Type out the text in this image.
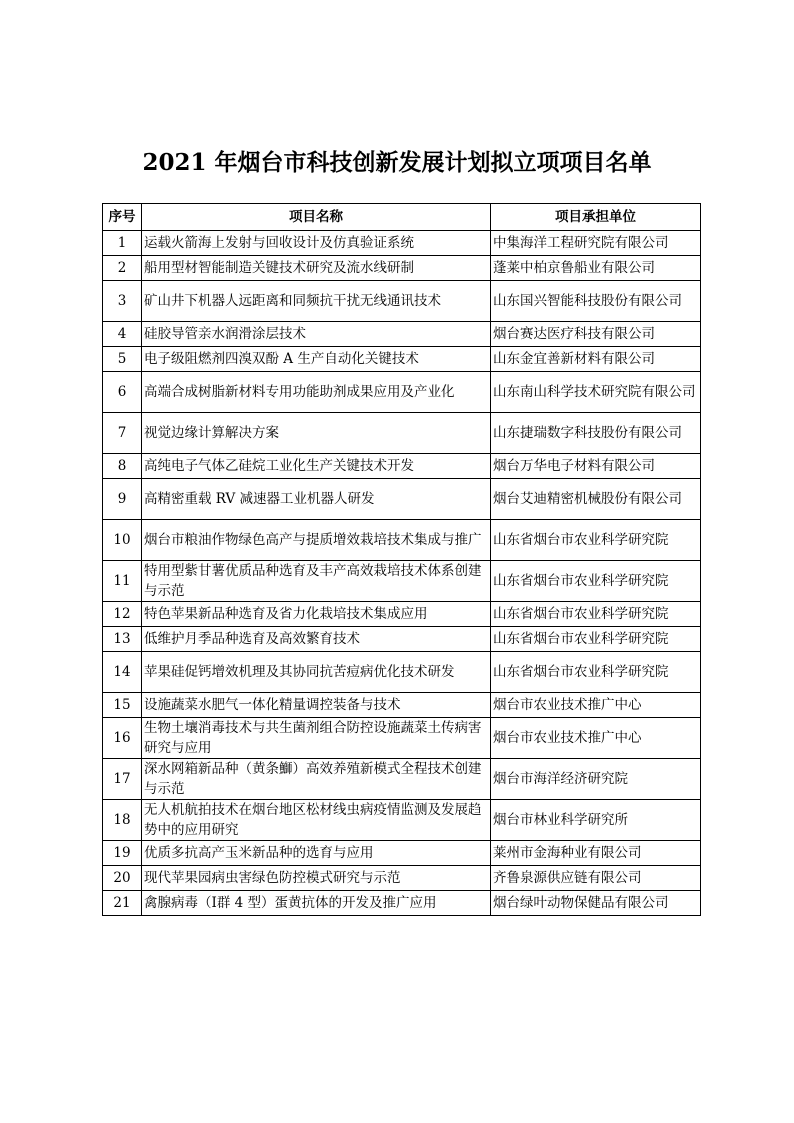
2021 年烟台市科技创新发展计划拟立项项目名单
序号	项目名称	项目承担单位
1	运载火箭海上发射与回收设计及仿真验证系统	中集海洋工程研究院有限公司
2	船用型材智能制造关键技术研究及流水线研制	蓬莱中柏京鲁船业有限公司
3	矿山井下机器人远距离和同频抗干扰无线通讯技术	山东国兴智能科技股份有限公司
4	硅胶导管亲水润滑涂层技术	烟台赛达医疗科技有限公司
5	电子级阻燃剂四溴双酚 A 生产自动化关键技术	山东金宜善新材料有限公司
6	高端合成树脂新材料专用功能助剂成果应用及产业化	山东南山科学技术研究院有限公司
7	视觉边缘计算解决方案	山东捷瑞数字科技股份有限公司
8	高纯电子气体乙硅烷工业化生产关键技术开发	烟台万华电子材料有限公司
9	高精密重载 RV 减速器工业机器人研发	烟台艾迪精密机械股份有限公司
10	烟台市粮油作物绿色高产与提质增效栽培技术集成与推广	山东省烟台市农业科学研究院
11	特用型紫甘薯优质品种选育及丰产高效栽培技术体系创建与示范	山东省烟台市农业科学研究院
12	特色苹果新品种选育及省力化栽培技术集成应用	山东省烟台市农业科学研究院
13	低维护月季品种选育及高效繁育技术	山东省烟台市农业科学研究院
14	苹果硅促钙增效机理及其协同抗苦痘病优化技术研发	山东省烟台市农业科学研究院
15	设施蔬菜水肥气一体化精量调控装备与技术	烟台市农业技术推广中心
16	生物土壤消毒技术与共生菌剂组合防控设施蔬菜土传病害研究与应用	烟台市农业技术推广中心
17	深水网箱新品种（黄条鰤）高效养殖新模式全程技术创建与示范	烟台市海洋经济研究院
18	无人机航拍技术在烟台地区松材线虫病疫情监测及发展趋势中的应用研究	烟台市林业科学研究所
19	优质多抗高产玉米新品种的选育与应用	莱州市金海种业有限公司
20	现代苹果园病虫害绿色防控模式研究与示范	齐鲁泉源供应链有限公司
21	禽腺病毒（Ⅰ群 4 型）蛋黄抗体的开发及推广应用	烟台绿叶动物保健品有限公司
